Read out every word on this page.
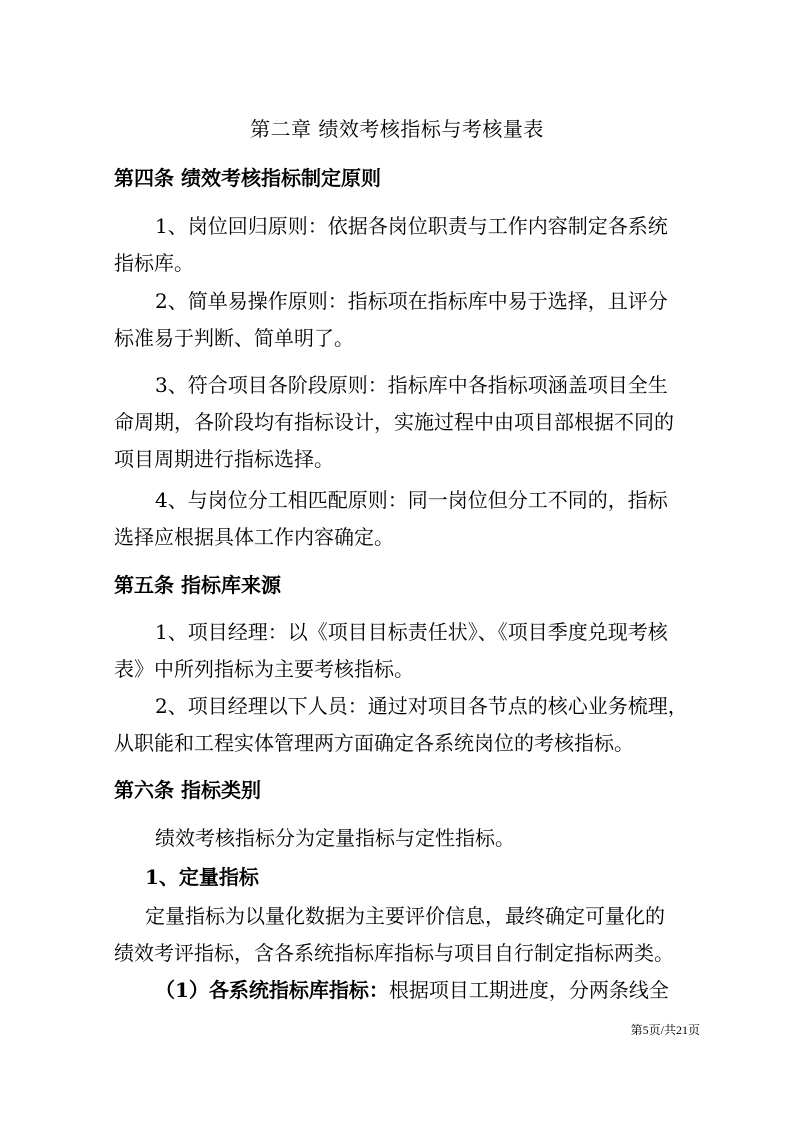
第二章 绩效考核指标与考核量表
第四条 绩效考核指标制定原则
1、岗位回归原则：依据各岗位职责与工作内容制定各系统
指标库。
2、简单易操作原则：指标项在指标库中易于选择，且评分
标准易于判断、简单明了。
3、符合项目各阶段原则：指标库中各指标项涵盖项目全生
命周期，各阶段均有指标设计，实施过程中由项目部根据不同的
项目周期进行指标选择。
4、与岗位分工相匹配原则：同一岗位但分工不同的，指标
选择应根据具体工作内容确定。
第五条 指标库来源
1、项目经理：以《项目目标责任状》、《项目季度兑现考核
表》中所列指标为主要考核指标。
2、项目经理以下人员：通过对项目各节点的核心业务梳理，
从职能和工程实体管理两方面确定各系统岗位的考核指标。
第六条 指标类别
绩效考核指标分为定量指标与定性指标。
1、定量指标
定量指标为以量化数据为主要评价信息，最终确定可量化的
绩效考评指标，含各系统指标库指标与项目自行制定指标两类。
（1）各系统指标库指标：根据项目工期进度，分两条线全
第5页/共21页
